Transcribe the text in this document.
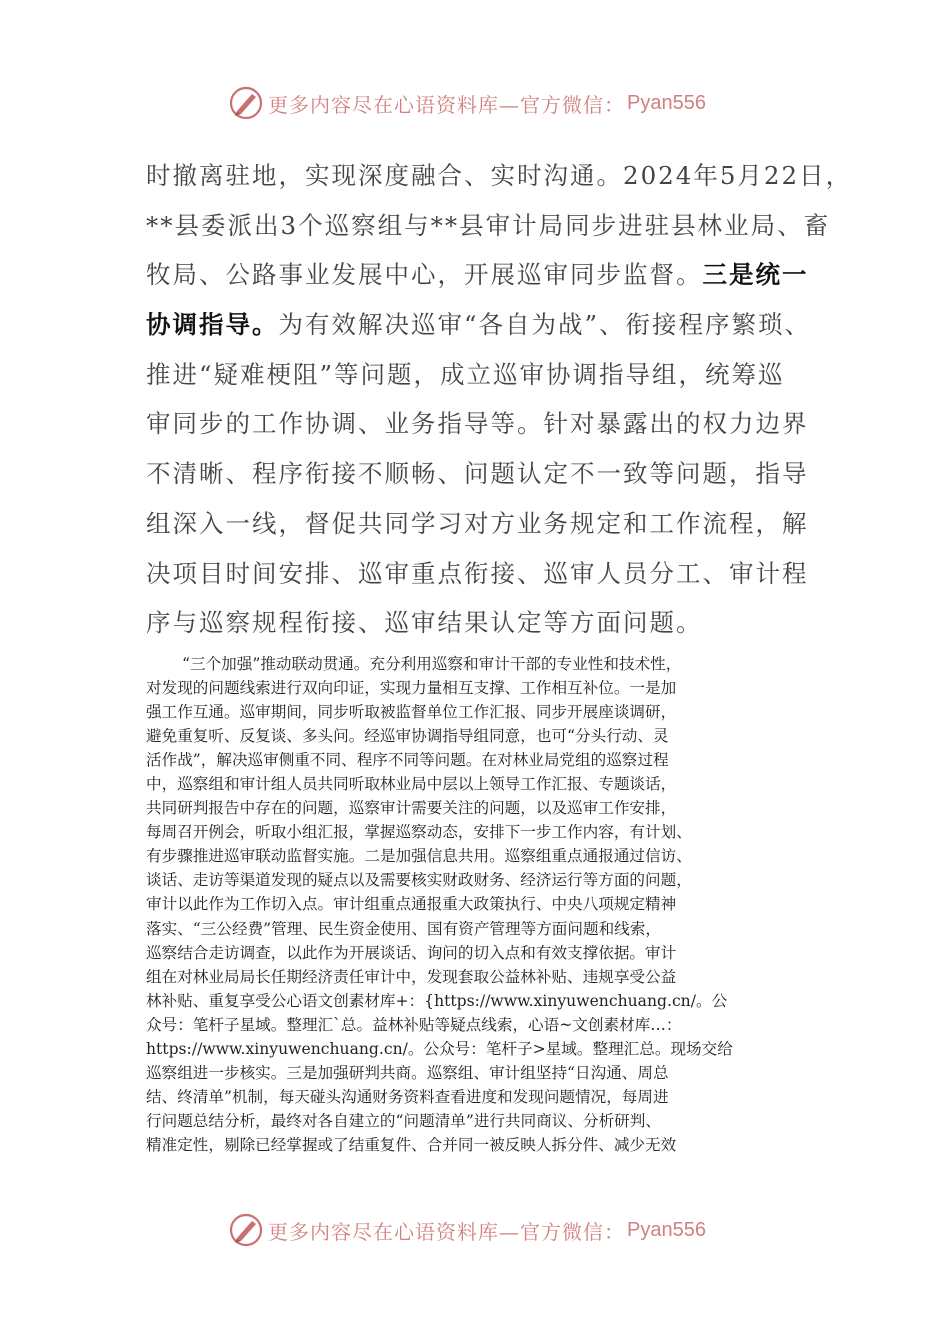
更多内容尽在心语资料库—官方微信： Pyan556
时撤离驻地，实现深度融合、实时沟通。2024年5月22日，
**县委派出3个巡察组与**县审计局同步进驻县林业局、畜
牧局、公路事业发展中心，开展巡审同步监督。三是统一
协调指导。为有效解决巡审“各自为战”、衔接程序繁琐、
推进“疑难梗阻”等问题，成立巡审协调指导组，统筹巡
审同步的工作协调、业务指导等。针对暴露出的权力边界
不清晰、程序衔接不顺畅、问题认定不一致等问题，指导
组深入一线，督促共同学习对方业务规定和工作流程，解
决项目时间安排、巡审重点衔接、巡审人员分工、审计程
序与巡察规程衔接、巡审结果认定等方面问题。
“三个加强”推动联动贯通。充分利用巡察和审计干部的专业性和技术性，
对发现的问题线索进行双向印证，实现力量相互支撑、工作相互补位。一是加
强工作互通。巡审期间，同步听取被监督单位工作汇报、同步开展座谈调研，
避免重复听、反复谈、多头问。经巡审协调指导组同意，也可“分头行动、灵
活作战”，解决巡审侧重不同、程序不同等问题。在对林业局党组的巡察过程
中，巡察组和审计组人员共同听取林业局中层以上领导工作汇报、专题谈话，
共同研判报告中存在的问题，巡察审计需要关注的问题，以及巡审工作安排，
每周召开例会，听取小组汇报，掌握巡察动态，安排下一步工作内容，有计划、
有步骤推进巡审联动监督实施。二是加强信息共用。巡察组重点通报通过信访、
谈话、走访等渠道发现的疑点以及需要核实财政财务、经济运行等方面的问题，
审计以此作为工作切入点。审计组重点通报重大政策执行、中央八项规定精神
落实、“三公经费”管理、民生资金使用、国有资产管理等方面问题和线索，
巡察结合走访调查，以此作为开展谈话、询问的切入点和有效支撑依据。审计
组在对林业局局长任期经济责任审计中，发现套取公益林补贴、违规享受公益
林补贴、重复享受公心语文创素材库+：{https://www.xinyuwenchuang.cn/。公
众号：笔杆子星域。整理汇`总。益林补贴等疑点线索，心语~文创素材库…：
https://www.xinyuwenchuang.cn/。公众号：笔杆子>星域。整理汇总。现场交给
巡察组进一步核实。三是加强研判共商。巡察组、审计组坚持“日沟通、周总
结、终清单”机制，每天碰头沟通财务资料查看进度和发现问题情况，每周进
行问题总结分析，最终对各自建立的“问题清单”进行共同商议、分析研判、
精准定性，剔除已经掌握或了结重复件、合并同一被反映人拆分件、减少无效
更多内容尽在心语资料库—官方微信： Pyan556
